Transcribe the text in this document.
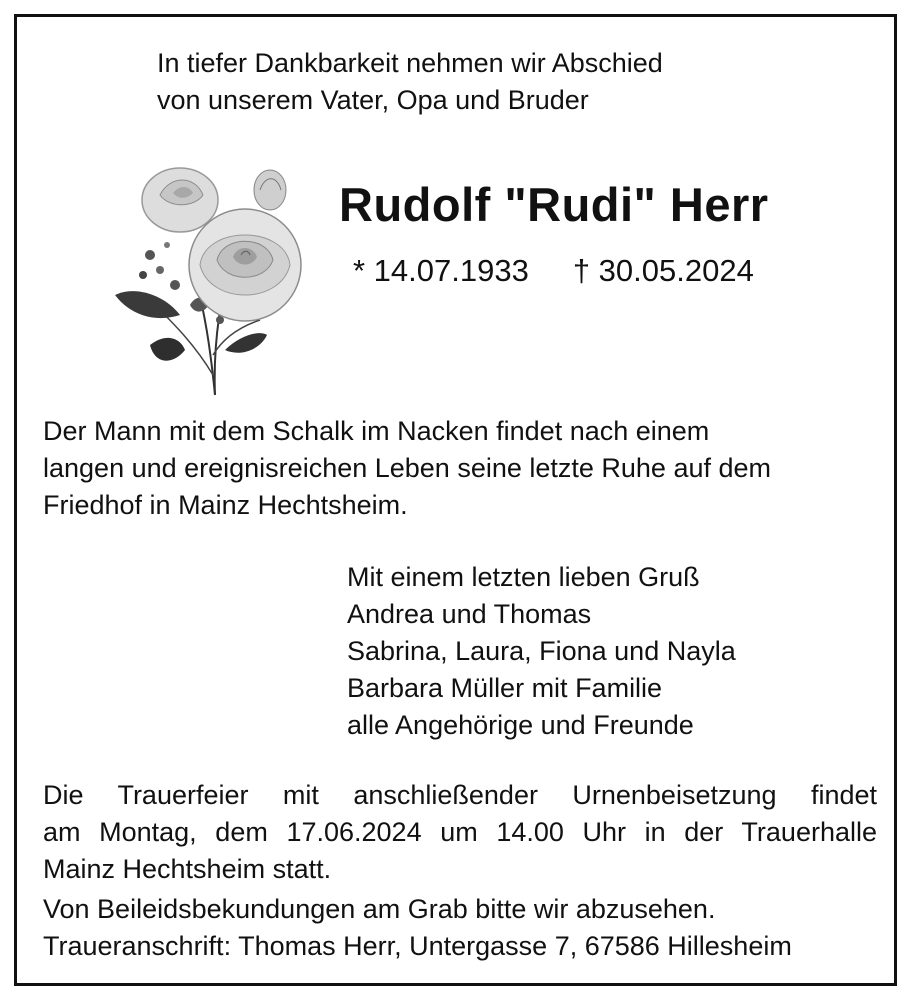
In tiefer Dankbarkeit nehmen wir Abschied
von unserem Vater, Opa und Bruder
Rudolf "Rudi" Herr
* 14.07.1933 † 30.05.2024
Der Mann mit dem Schalk im Nacken findet nach einem
langen und ereignisreichen Leben seine letzte Ruhe auf dem
Friedhof in Mainz Hechtsheim.
Mit einem letzten lieben Gruß
Andrea und Thomas
Sabrina, Laura, Fiona und Nayla
Barbara Müller mit Familie
alle Angehörige und Freunde
Die Trauerfeier mit anschließender Urnenbeisetzung findet
am Montag, dem 17.06.2024 um 14.00 Uhr in der Trauerhalle
Mainz Hechtsheim statt.
Von Beileidsbekundungen am Grab bitte wir abzusehen.
Traueranschrift: Thomas Herr, Untergasse 7, 67586 Hillesheim
